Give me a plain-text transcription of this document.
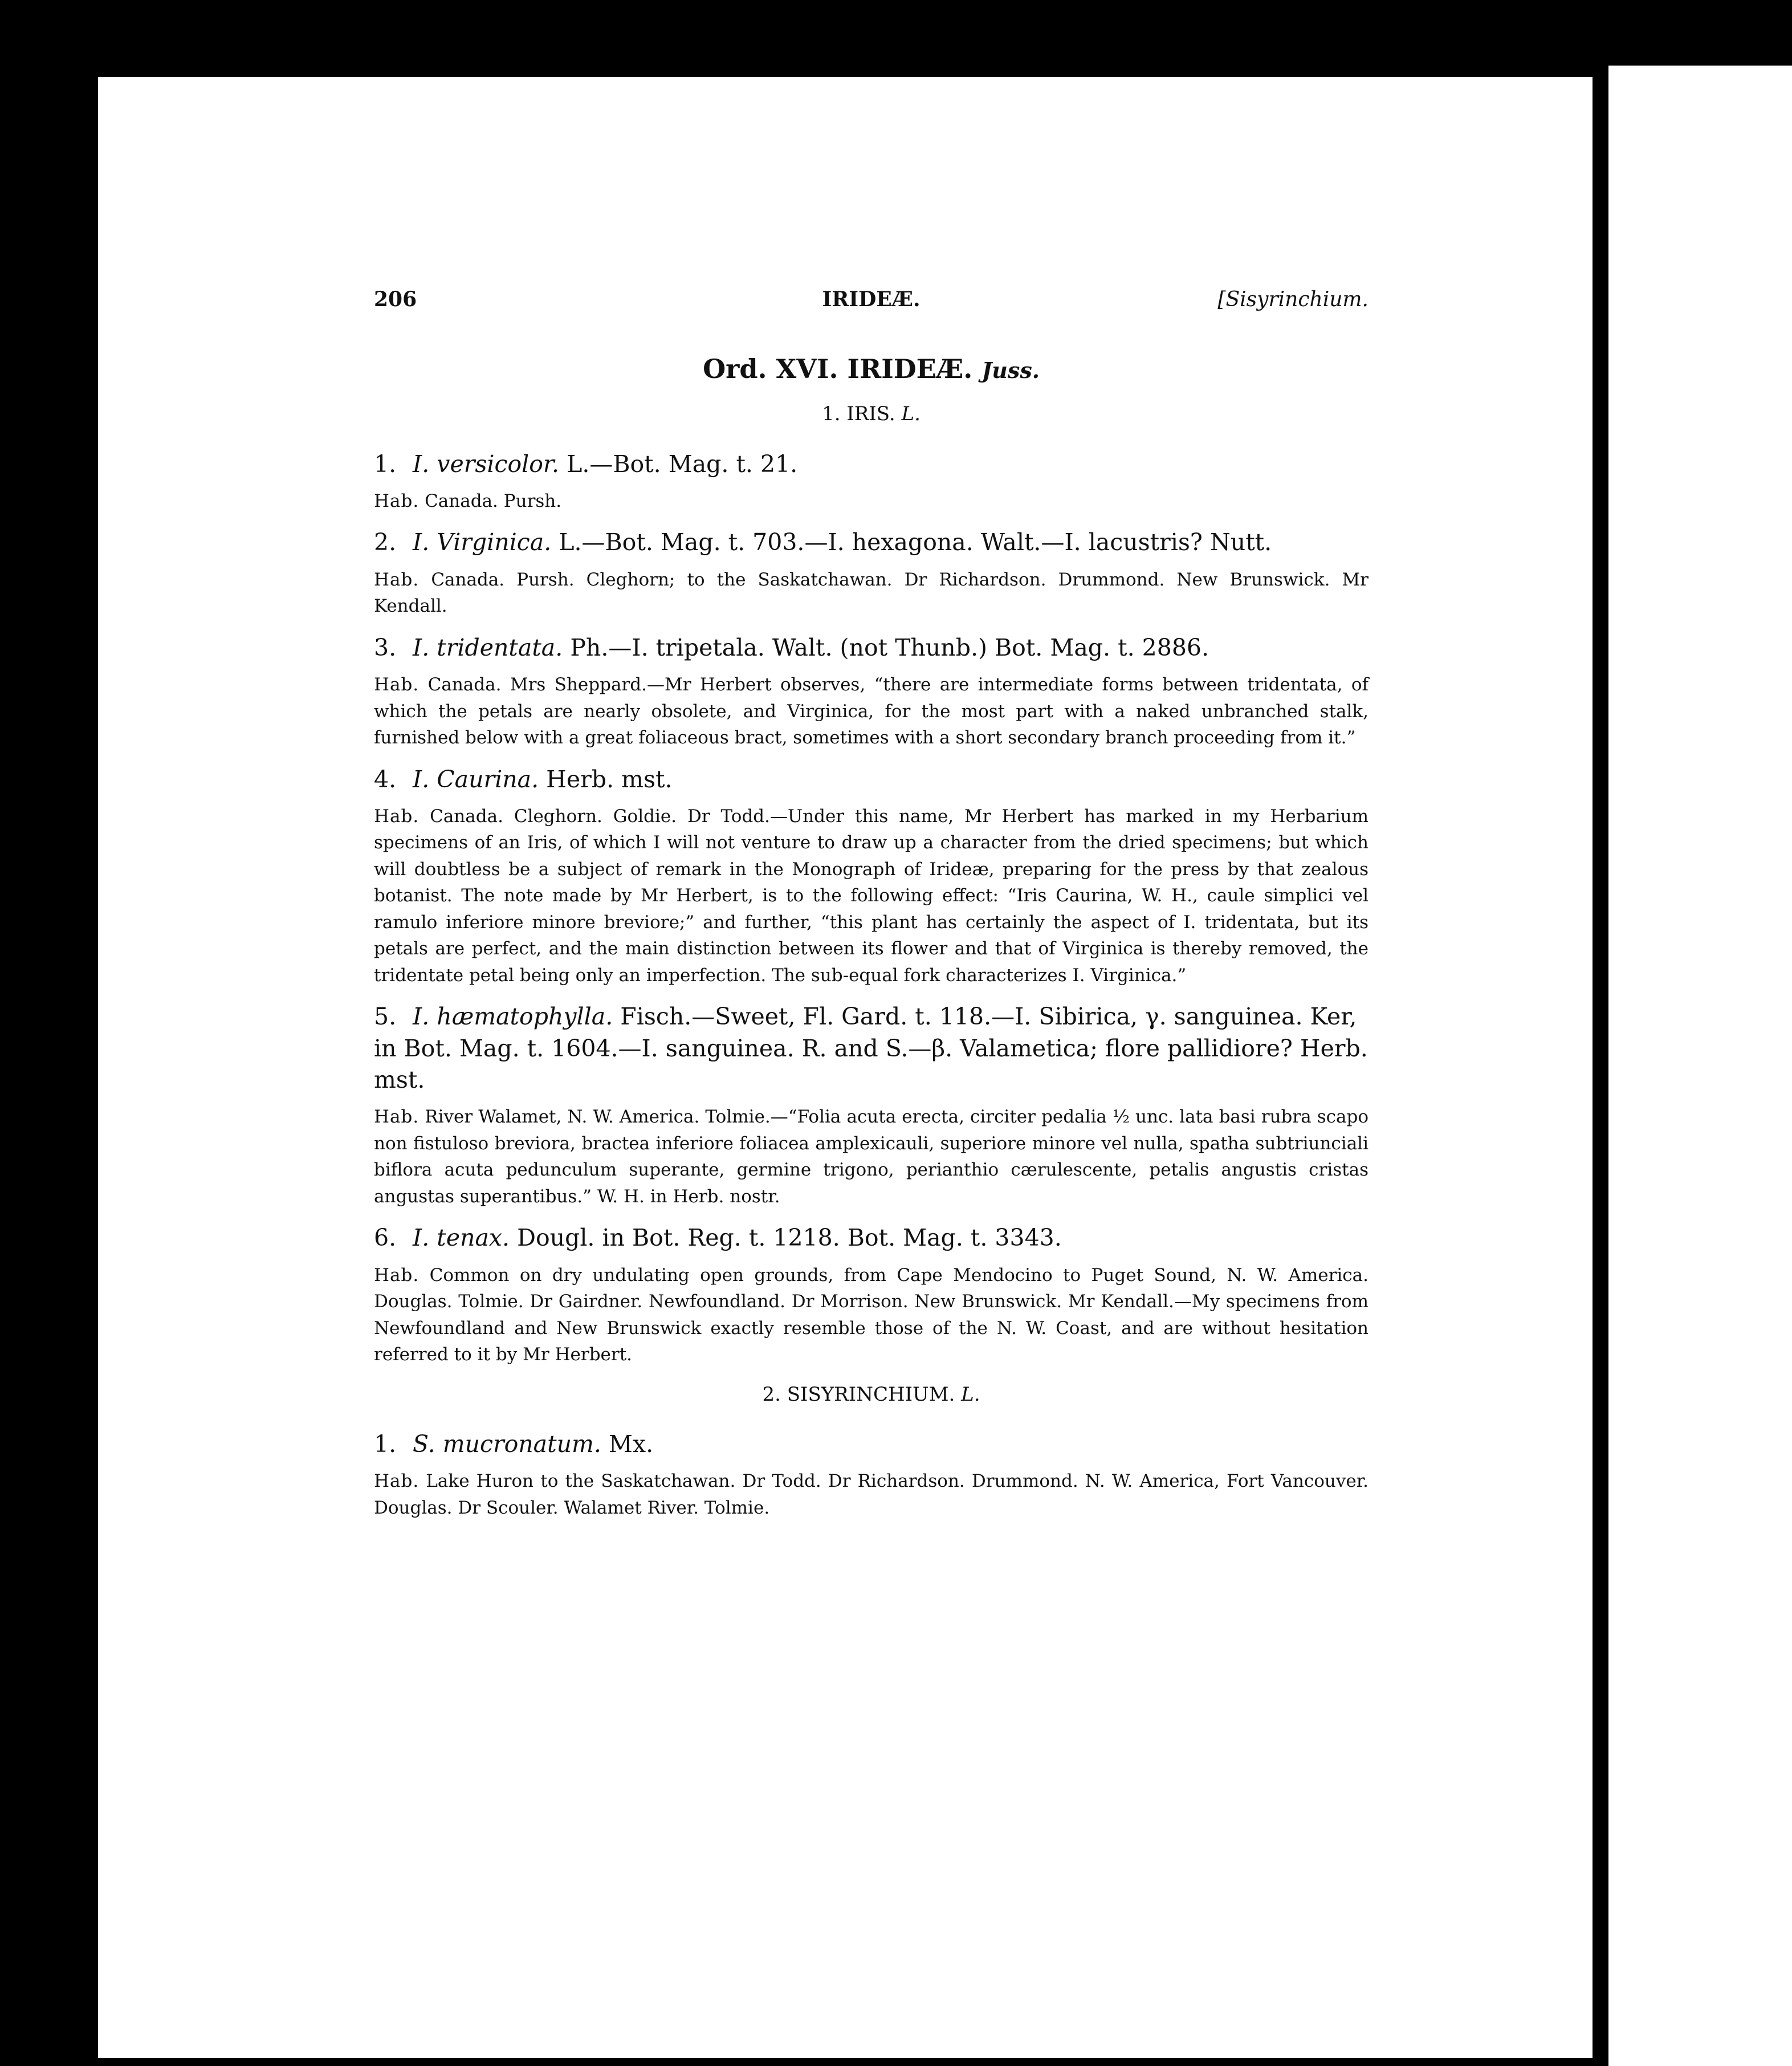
206	IRIDEÆ.	[Sisyrinchium.
Ord. XVI. IRIDEÆ. Juss.
1. IRIS. L.
1. I. versicolor. L.—Bot. Mag. t. 21.

Hab. Canada. Pursh.

2. I. Virginica. L.—Bot. Mag. t. 703.—I. hexagona. Walt.—I. lacustris? Nutt.

Hab. Canada. Pursh. Cleghorn; to the Saskatchawan. Dr Richardson. Drummond. New Brunswick. Mr Kendall.

3. I. tridentata. Ph.—I. tripetala. Walt. (not Thunb.) Bot. Mag. t. 2886.

Hab. Canada. Mrs Sheppard.—Mr Herbert observes, “there are intermediate forms between tridentata, of which the petals are nearly obsolete, and Virginica, for the most part with a naked unbranched stalk, furnished below with a great foliaceous bract, sometimes with a short secondary branch proceeding from it.”

4. I. Caurina. Herb. mst.

Hab. Canada. Cleghorn. Goldie. Dr Todd.—Under this name, Mr Herbert has marked in my Herbarium specimens of an Iris, of which I will not venture to draw up a character from the dried specimens; but which will doubtless be a subject of remark in the Monograph of Irideæ, preparing for the press by that zealous botanist. The note made by Mr Herbert, is to the following effect: “Iris Caurina, W. H., caule simplici vel ramulo inferiore minore breviore;” and further, “this plant has certainly the aspect of I. tridentata, but its petals are perfect, and the main distinction between its flower and that of Virginica is thereby removed, the tridentate petal being only an imperfection. The sub-equal fork characterizes I. Virginica.”

5. I. hæmatophylla. Fisch.—Sweet, Fl. Gard. t. 118.—I. Sibirica, γ. sanguinea. Ker, in Bot. Mag. t. 1604.—I. sanguinea. R. and S.—β. Valametica; flore pallidiore? Herb. mst.

Hab. River Walamet, N. W. America. Tolmie.—“Folia acuta erecta, circiter pedalia ½ unc. lata basi rubra scapo non fistuloso breviora, bractea inferiore foliacea amplexicauli, superiore minore vel nulla, spatha subtriunciali biflora acuta pedunculum superante, germine trigono, perianthio cærulescente, petalis angustis cristas angustas superantibus.” W. H. in Herb. nostr.

6. I. tenax. Dougl. in Bot. Reg. t. 1218. Bot. Mag. t. 3343.

Hab. Common on dry undulating open grounds, from Cape Mendocino to Puget Sound, N. W. America. Douglas. Tolmie. Dr Gairdner. Newfoundland. Dr Morrison. New Brunswick. Mr Kendall.—My specimens from Newfoundland and New Brunswick exactly resemble those of the N. W. Coast, and are without hesitation referred to it by Mr Herbert.

2. SISYRINCHIUM. L.
1. S. mucronatum. Mx.

Hab. Lake Huron to the Saskatchawan. Dr Todd. Dr Richardson. Drummond. N. W. America, Fort Vancouver. Douglas. Dr Scouler. Walamet River. Tolmie.
